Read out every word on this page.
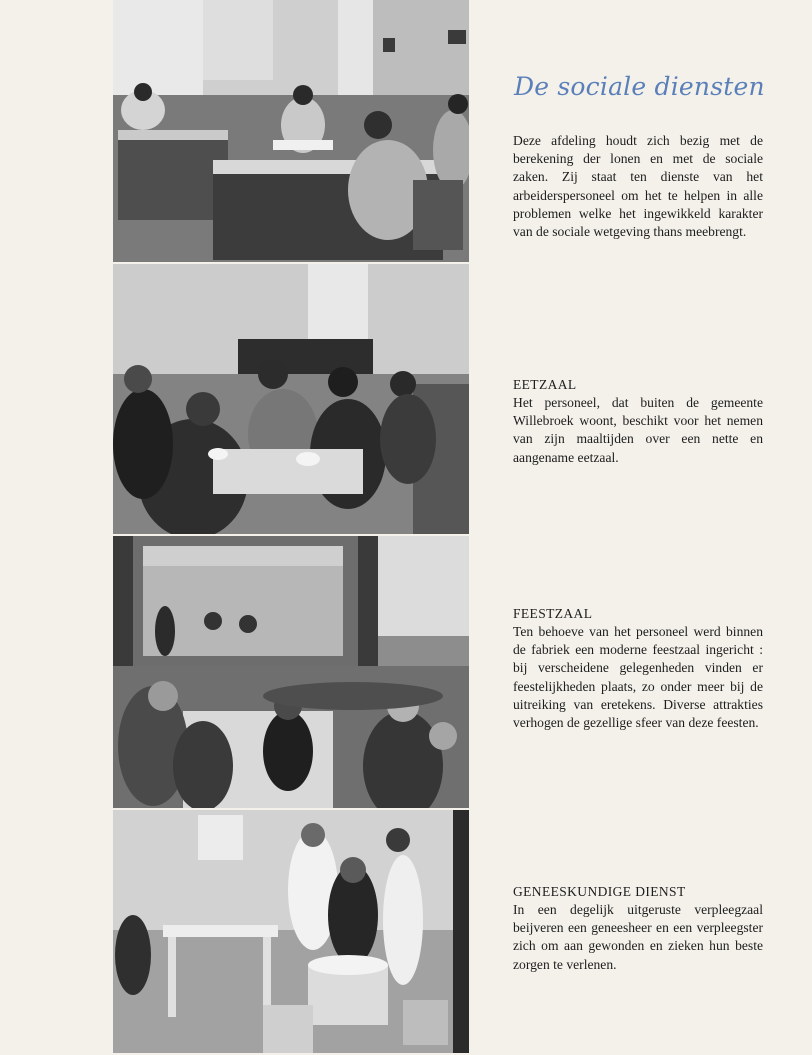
De sociale diensten

Deze afdeling houdt zich bezig met de berekening der lonen en met de sociale zaken. Zij staat ten dienste van het arbeiderspersoneel om het te helpen in alle problemen welke het ingewikkeld karakter van de sociale wetgeving thans meebrengt.

EETZAAL

Het personeel, dat buiten de gemeente Willebroek woont, beschikt voor het nemen van zijn maaltijden over een nette en aangename eetzaal.

FEESTZAAL

Ten behoeve van het personeel werd binnen de fabriek een moderne feestzaal ingericht : bij verscheidene gelegenheden vinden er feestelijkheden plaats, zo onder meer bij de uitreiking van eretekens. Diverse attrakties verhogen de gezellige sfeer van deze feesten.

GENEESKUNDIGE DIENST

In een degelijk uitgeruste verpleegzaal beijveren een geneesheer en een verpleegster zich om aan gewonden en zieken hun beste zorgen te verlenen.
